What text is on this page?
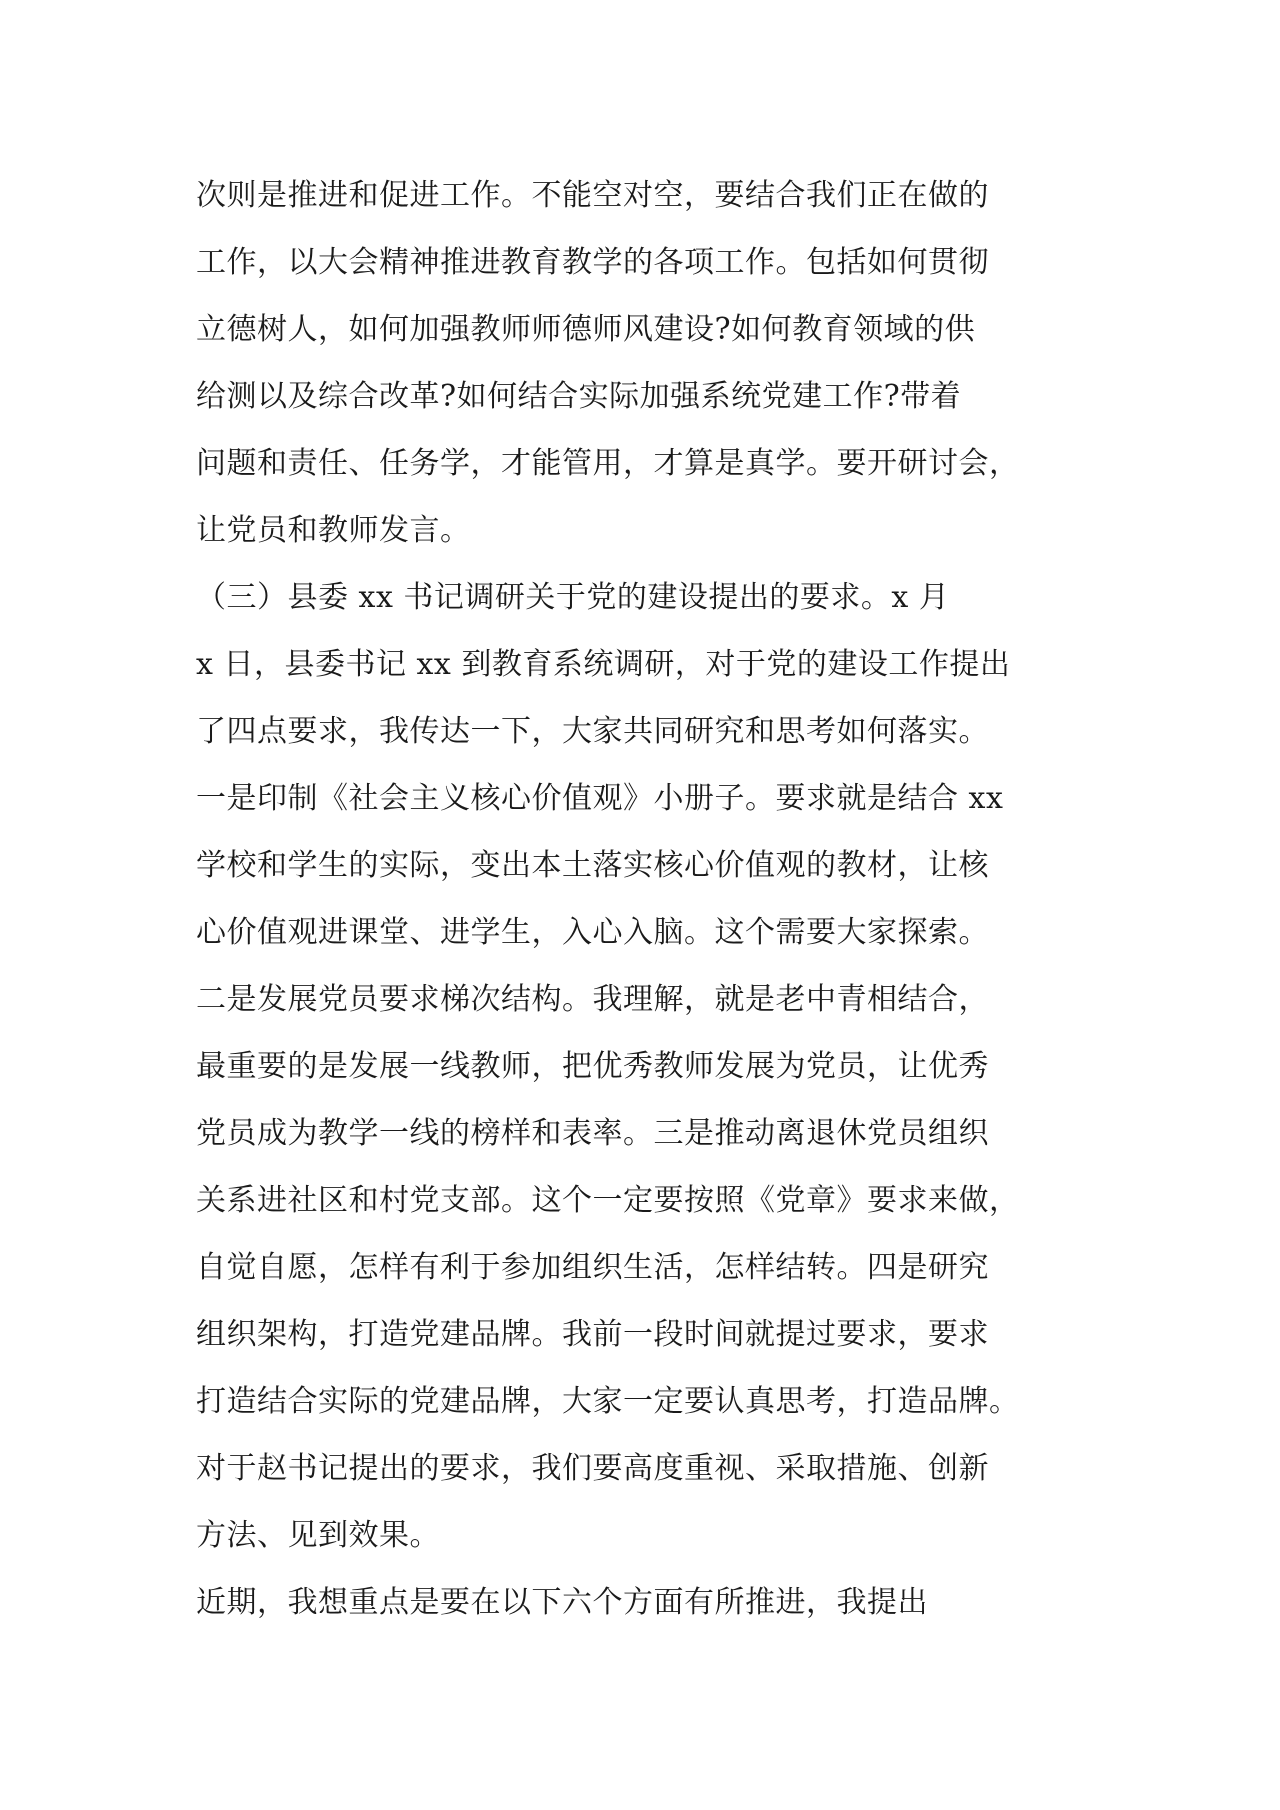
次则是推进和促进工作。不能空对空，要结合我们正在做的
工作，以大会精神推进教育教学的各项工作。包括如何贯彻
立德树人，如何加强教师师德师风建设?如何教育领域的供
给测以及综合改革?如何结合实际加强系统党建工作?带着
问题和责任、任务学，才能管用，才算是真学。要开研讨会，
让党员和教师发言。
（三）县委 xx 书记调研关于党的建设提出的要求。x 月
x 日，县委书记 xx 到教育系统调研，对于党的建设工作提出
了四点要求，我传达一下，大家共同研究和思考如何落实。
一是印制《社会主义核心价值观》小册子。要求就是结合 xx
学校和学生的实际，变出本土落实核心价值观的教材，让核
心价值观进课堂、进学生，入心入脑。这个需要大家探索。
二是发展党员要求梯次结构。我理解，就是老中青相结合，
最重要的是发展一线教师，把优秀教师发展为党员，让优秀
党员成为教学一线的榜样和表率。三是推动离退休党员组织
关系进社区和村党支部。这个一定要按照《党章》要求来做，
自觉自愿，怎样有利于参加组织生活，怎样结转。四是研究
组织架构，打造党建品牌。我前一段时间就提过要求，要求
打造结合实际的党建品牌，大家一定要认真思考，打造品牌。
对于赵书记提出的要求，我们要高度重视、采取措施、创新
方法、见到效果。
近期，我想重点是要在以下六个方面有所推进，我提出
